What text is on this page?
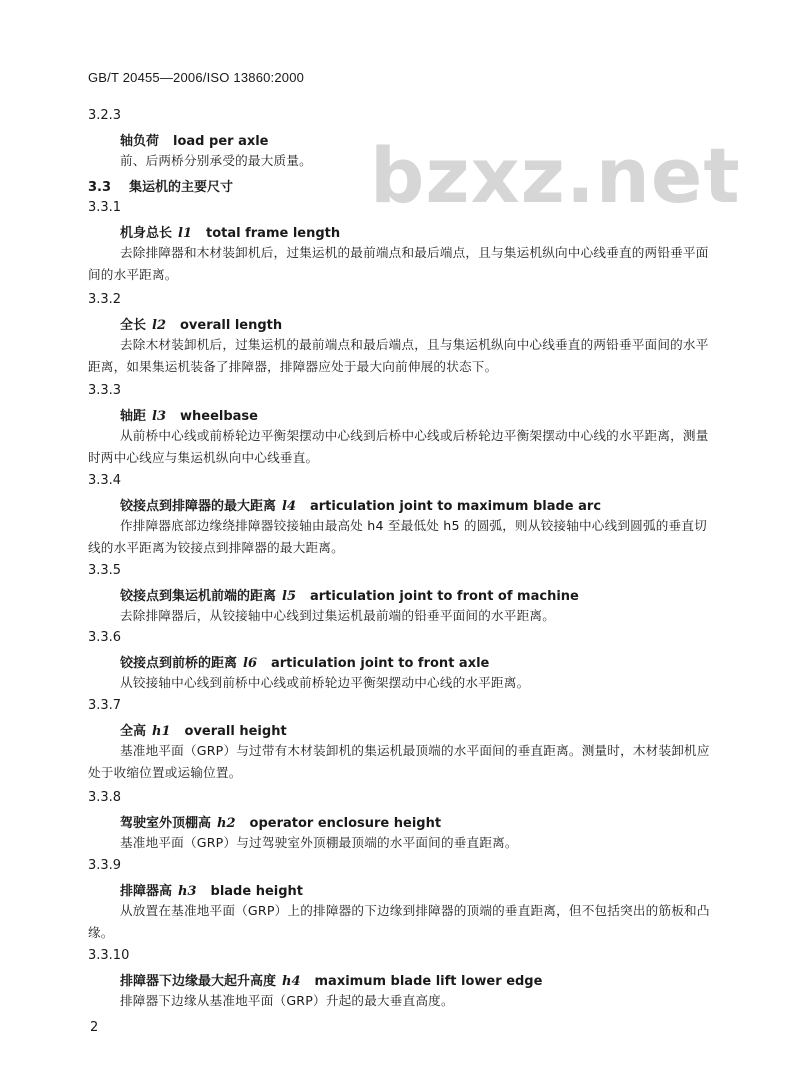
GB/T 20455—2006/ISO 13860:2000
bzxz.net
3.2.3
轴负荷 load per axle
前、后两桥分别承受的最大质量。
3.3 集运机的主要尺寸
3.3.1
机身总长 l1 total frame length
去除排障器和木材装卸机后，过集运机的最前端点和最后端点，且与集运机纵向中心线垂直的两铅垂平面间的水平距离。
3.3.2
全长 l2 overall length
去除木材装卸机后，过集运机的最前端点和最后端点，且与集运机纵向中心线垂直的两铅垂平面间的水平距离，如果集运机装备了排障器，排障器应处于最大向前伸展的状态下。
3.3.3
轴距 l3 wheelbase
从前桥中心线或前桥轮边平衡架摆动中心线到后桥中心线或后桥轮边平衡架摆动中心线的水平距离，测量时两中心线应与集运机纵向中心线垂直。
3.3.4
铰接点到排障器的最大距离 l4 articulation joint to maximum blade arc
作排障器底部边缘绕排障器铰接轴由最高处 h4 至最低处 h5 的圆弧，则从铰接轴中心线到圆弧的垂直切线的水平距离为铰接点到排障器的最大距离。
3.3.5
铰接点到集运机前端的距离 l5 articulation joint to front of machine
去除排障器后，从铰接轴中心线到过集运机最前端的铅垂平面间的水平距离。
3.3.6
铰接点到前桥的距离 l6 articulation joint to front axle
从铰接轴中心线到前桥中心线或前桥轮边平衡架摆动中心线的水平距离。
3.3.7
全高 h1 overall height
基准地平面（GRP）与过带有木材装卸机的集运机最顶端的水平面间的垂直距离。测量时，木材装卸机应处于收缩位置或运输位置。
3.3.8
驾驶室外顶棚高 h2 operator enclosure height
基准地平面（GRP）与过驾驶室外顶棚最顶端的水平面间的垂直距离。
3.3.9
排障器高 h3 blade height
从放置在基准地平面（GRP）上的排障器的下边缘到排障器的顶端的垂直距离，但不包括突出的筋板和凸缘。
3.3.10
排障器下边缘最大起升高度 h4 maximum blade lift lower edge
排障器下边缘从基准地平面（GRP）升起的最大垂直高度。
2
